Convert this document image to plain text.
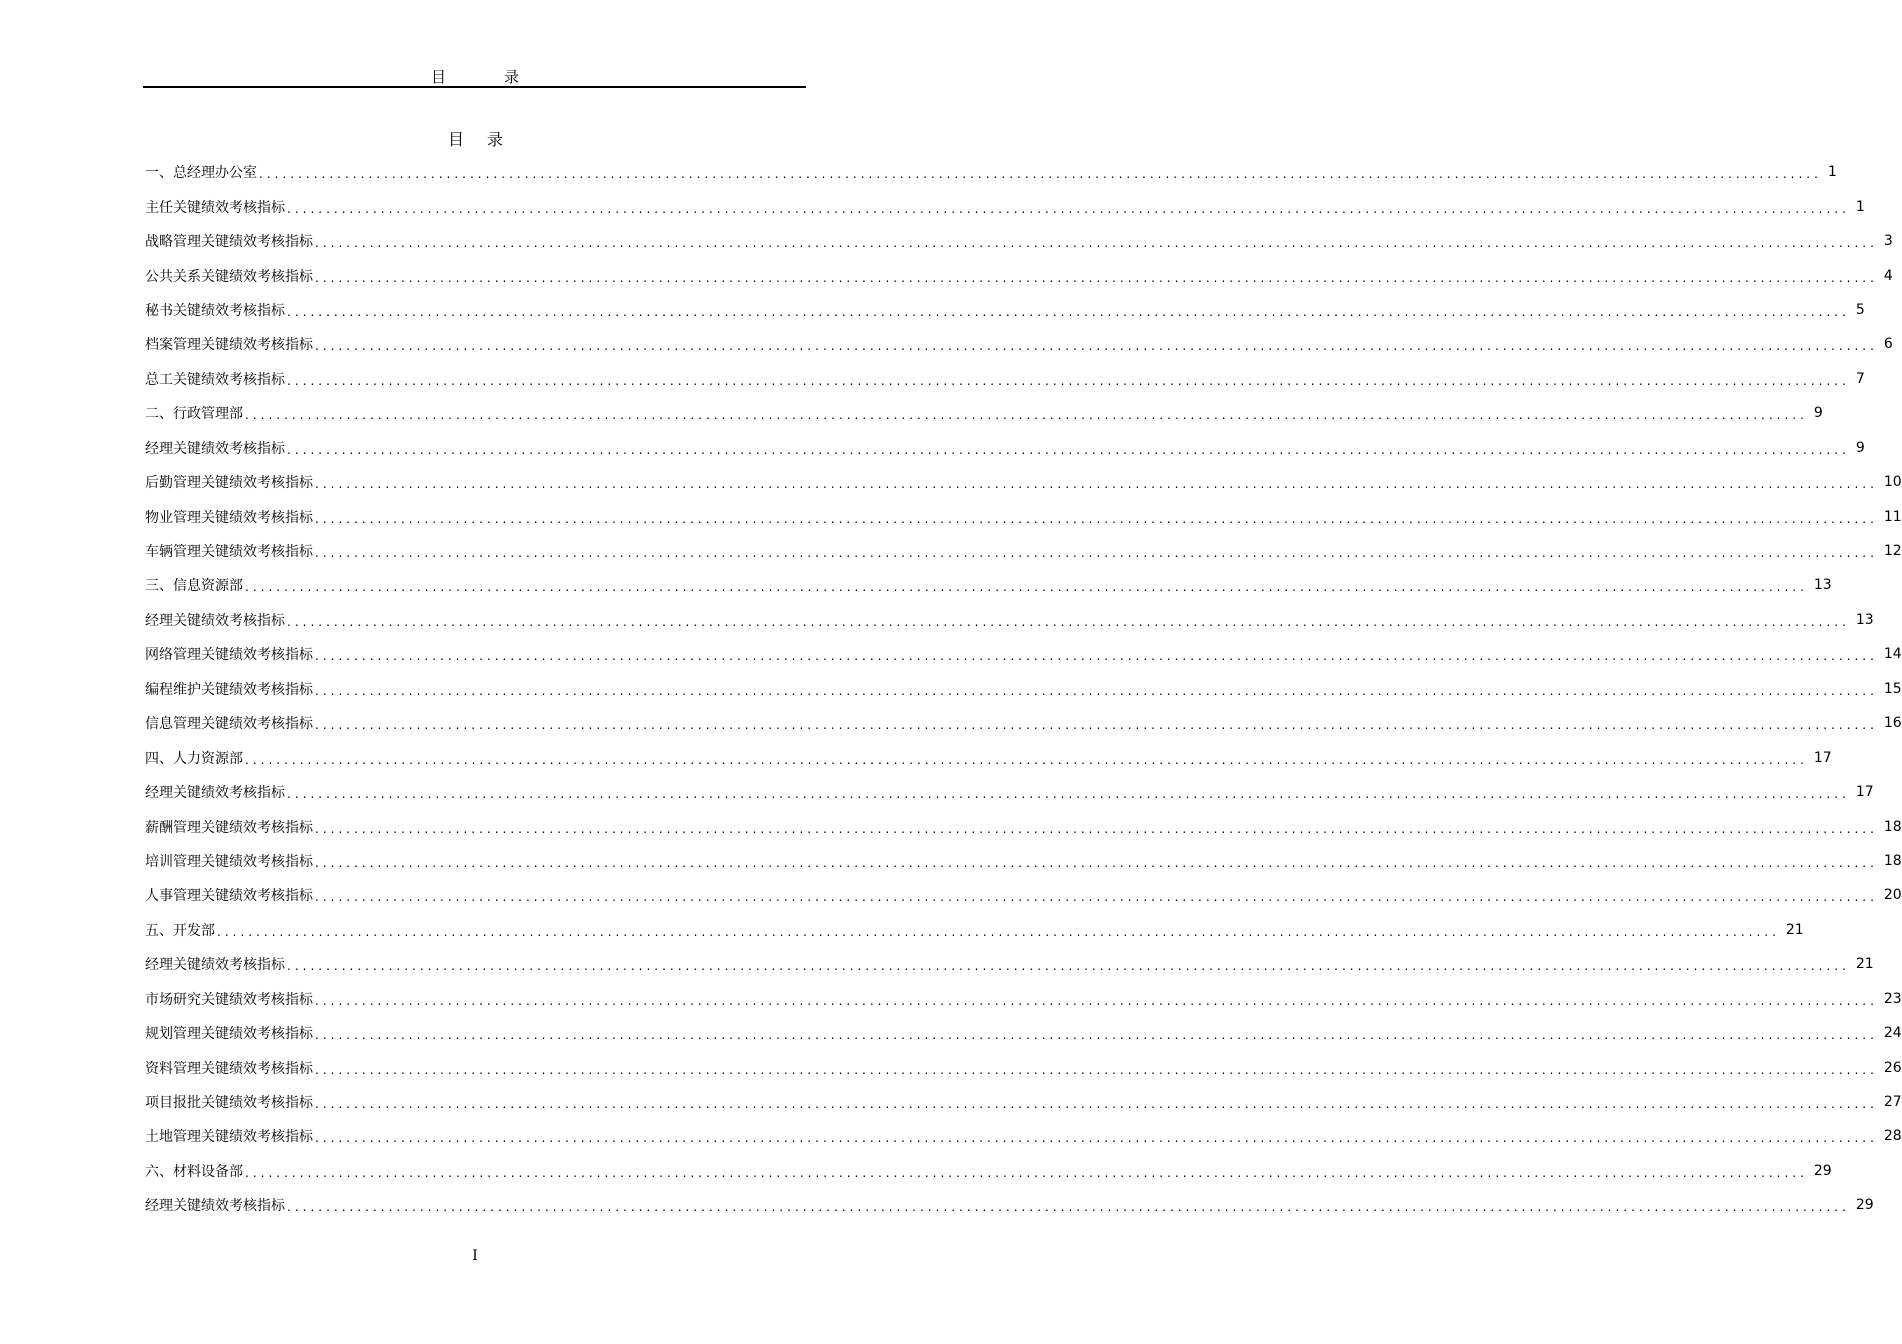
目	录
目 录
一、总经理办公室 ........................................................................................................................................................................................................ 1
主任关键绩效考核指标 ........................................................................................................................................................................................................ 1
战略管理关键绩效考核指标 ........................................................................................................................................................................................................ 3
公共关系关键绩效考核指标 ........................................................................................................................................................................................................ 4
秘书关键绩效考核指标 ........................................................................................................................................................................................................ 5
档案管理关键绩效考核指标 ........................................................................................................................................................................................................ 6
总工关键绩效考核指标 ........................................................................................................................................................................................................ 7
二、行政管理部 ........................................................................................................................................................................................................ 9
经理关键绩效考核指标 ........................................................................................................................................................................................................ 9
后勤管理关键绩效考核指标 ........................................................................................................................................................................................................ 10
物业管理关键绩效考核指标 ........................................................................................................................................................................................................ 11
车辆管理关键绩效考核指标 ........................................................................................................................................................................................................ 12
三、信息资源部 ........................................................................................................................................................................................................ 13
经理关键绩效考核指标 ........................................................................................................................................................................................................ 13
网络管理关键绩效考核指标 ........................................................................................................................................................................................................ 14
编程维护关键绩效考核指标 ........................................................................................................................................................................................................ 15
信息管理关键绩效考核指标 ........................................................................................................................................................................................................ 16
四、人力资源部 ........................................................................................................................................................................................................ 17
经理关键绩效考核指标 ........................................................................................................................................................................................................ 17
薪酬管理关键绩效考核指标 ........................................................................................................................................................................................................ 18
培训管理关键绩效考核指标 ........................................................................................................................................................................................................ 18
人事管理关键绩效考核指标 ........................................................................................................................................................................................................ 20
五、开发部 ........................................................................................................................................................................................................ 21
经理关键绩效考核指标 ........................................................................................................................................................................................................ 21
市场研究关键绩效考核指标 ........................................................................................................................................................................................................ 23
规划管理关键绩效考核指标 ........................................................................................................................................................................................................ 24
资料管理关键绩效考核指标 ........................................................................................................................................................................................................ 26
项目报批关键绩效考核指标 ........................................................................................................................................................................................................ 27
土地管理关键绩效考核指标 ........................................................................................................................................................................................................ 28
六、材料设备部 ........................................................................................................................................................................................................ 29
经理关键绩效考核指标 ........................................................................................................................................................................................................ 29
I
